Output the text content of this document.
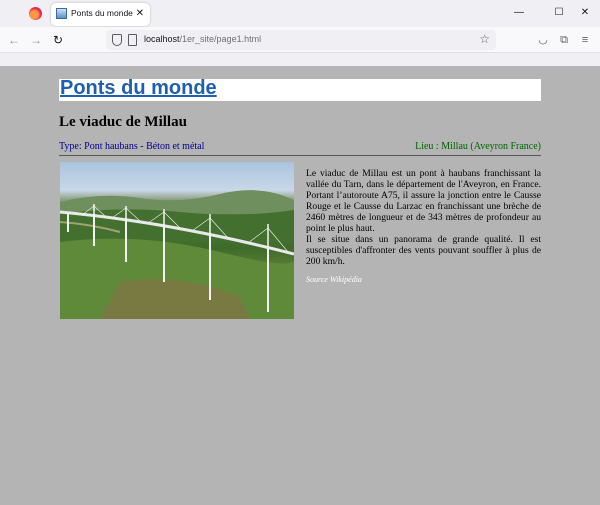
Ponts du monde ✕	—	☐ ✕
← → ↻	localhost/1er_site/page1.html	☆	◡	⧉	≡
Ponts du monde
Le viaduc de Millau
Type: Pont haubans - Béton et métal	Lieu : Millau (Aveyron France)

Le viaduc de Millau est un pont à haubans franchissant la vallée du Tarn, dans le département de l'Aveyron, en France. Portant l’autoroute A75, il assure la jonction entre le Causse Rouge et le Causse du Larzac en franchissant une brèche de 2460 mètres de longueur et de 343 mètres de profondeur au point le plus haut.

Il se situe dans un panorama de grande qualité. Il est susceptibles d'affronter des vents pouvant souffler à plus de 200 km/h.

Source Wikipédia
